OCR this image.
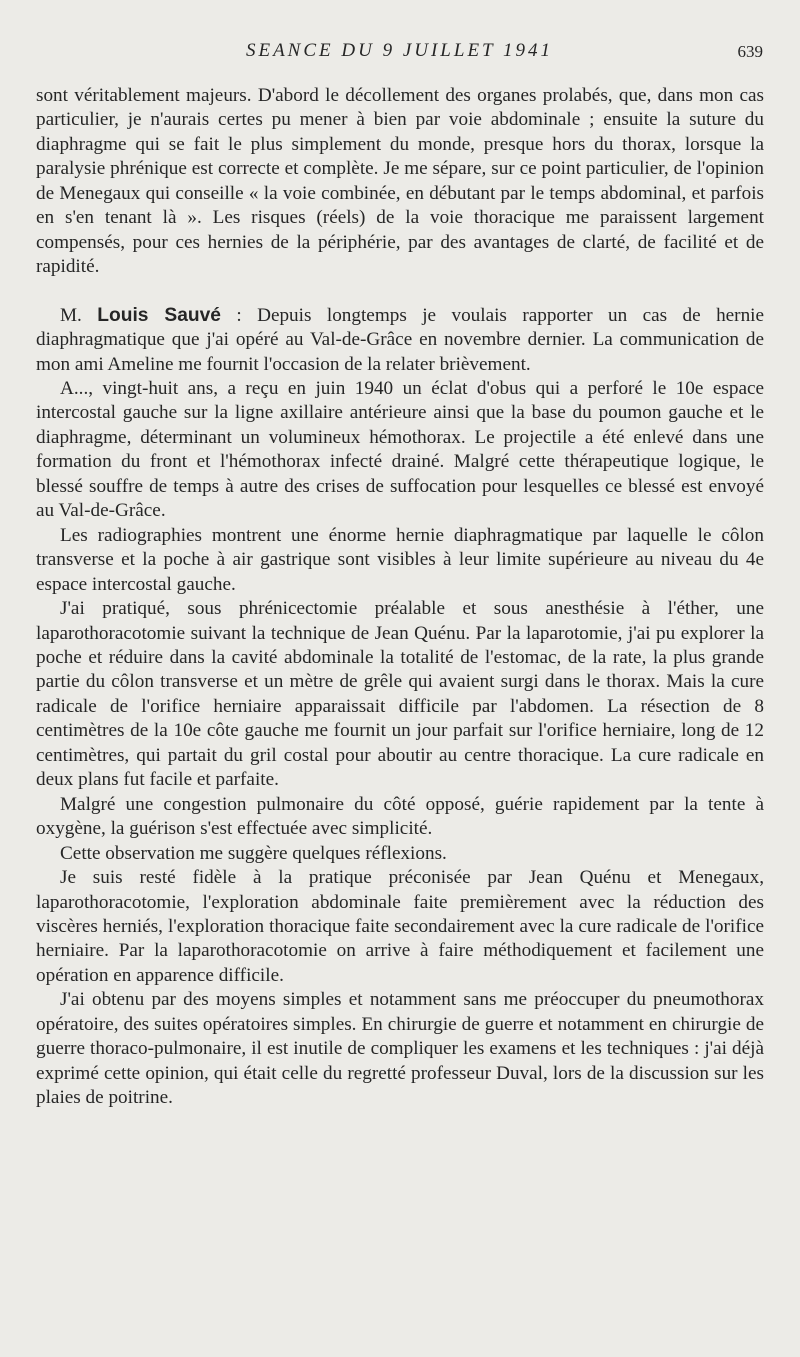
SEANCE DU 9 JUILLET 1941	639

sont véritablement majeurs. D'abord le décollement des organes prolabés, que, dans mon cas particulier, je n'aurais certes pu mener à bien par voie abdominale ; ensuite la suture du diaphragme qui se fait le plus simplement du monde, presque hors du thorax, lorsque la paralysie phrénique est correcte et complète. Je me sépare, sur ce point particulier, de l'opinion de Menegaux qui conseille « la voie combinée, en débutant par le temps abdominal, et parfois en s'en tenant là ». Les risques (réels) de la voie thoracique me paraissent largement compensés, pour ces hernies de la périphérie, par des avantages de clarté, de facilité et de rapidité.

M. Louis Sauvé : Depuis longtemps je voulais rapporter un cas de hernie diaphragmatique que j'ai opéré au Val-de-Grâce en novembre dernier. La communication de mon ami Ameline me fournit l'occasion de la relater brièvement.

A..., vingt-huit ans, a reçu en juin 1940 un éclat d'obus qui a perforé le 10e espace intercostal gauche sur la ligne axillaire antérieure ainsi que la base du poumon gauche et le diaphragme, déterminant un volumineux hémothorax. Le projectile a été enlevé dans une formation du front et l'hémothorax infecté drainé. Malgré cette thérapeutique logique, le blessé souffre de temps à autre des crises de suffocation pour lesquelles ce blessé est envoyé au Val-de-Grâce.

Les radiographies montrent une énorme hernie diaphragmatique par laquelle le côlon transverse et la poche à air gastrique sont visibles à leur limite supérieure au niveau du 4e espace intercostal gauche.

J'ai pratiqué, sous phrénicectomie préalable et sous anesthésie à l'éther, une laparothoracotomie suivant la technique de Jean Quénu. Par la laparotomie, j'ai pu explorer la poche et réduire dans la cavité abdominale la totalité de l'estomac, de la rate, la plus grande partie du côlon transverse et un mètre de grêle qui avaient surgi dans le thorax. Mais la cure radicale de l'orifice herniaire apparaissait difficile par l'abdomen. La résection de 8 centimètres de la 10e côte gauche me fournit un jour parfait sur l'orifice herniaire, long de 12 centimètres, qui partait du gril costal pour aboutir au centre thoracique. La cure radicale en deux plans fut facile et parfaite.

Malgré une congestion pulmonaire du côté opposé, guérie rapidement par la tente à oxygène, la guérison s'est effectuée avec simplicité.

Cette observation me suggère quelques réflexions.

Je suis resté fidèle à la pratique préconisée par Jean Quénu et Menegaux, laparothoracotomie, l'exploration abdominale faite premièrement avec la réduction des viscères herniés, l'exploration thoracique faite secondairement avec la cure radicale de l'orifice herniaire. Par la laparothoracotomie on arrive à faire méthodiquement et facilement une opération en apparence difficile.

J'ai obtenu par des moyens simples et notamment sans me préoccuper du pneumothorax opératoire, des suites opératoires simples. En chirurgie de guerre et notamment en chirurgie de guerre thoraco-pulmonaire, il est inutile de compliquer les examens et les techniques : j'ai déjà exprimé cette opinion, qui était celle du regretté professeur Duval, lors de la discussion sur les plaies de poitrine.
